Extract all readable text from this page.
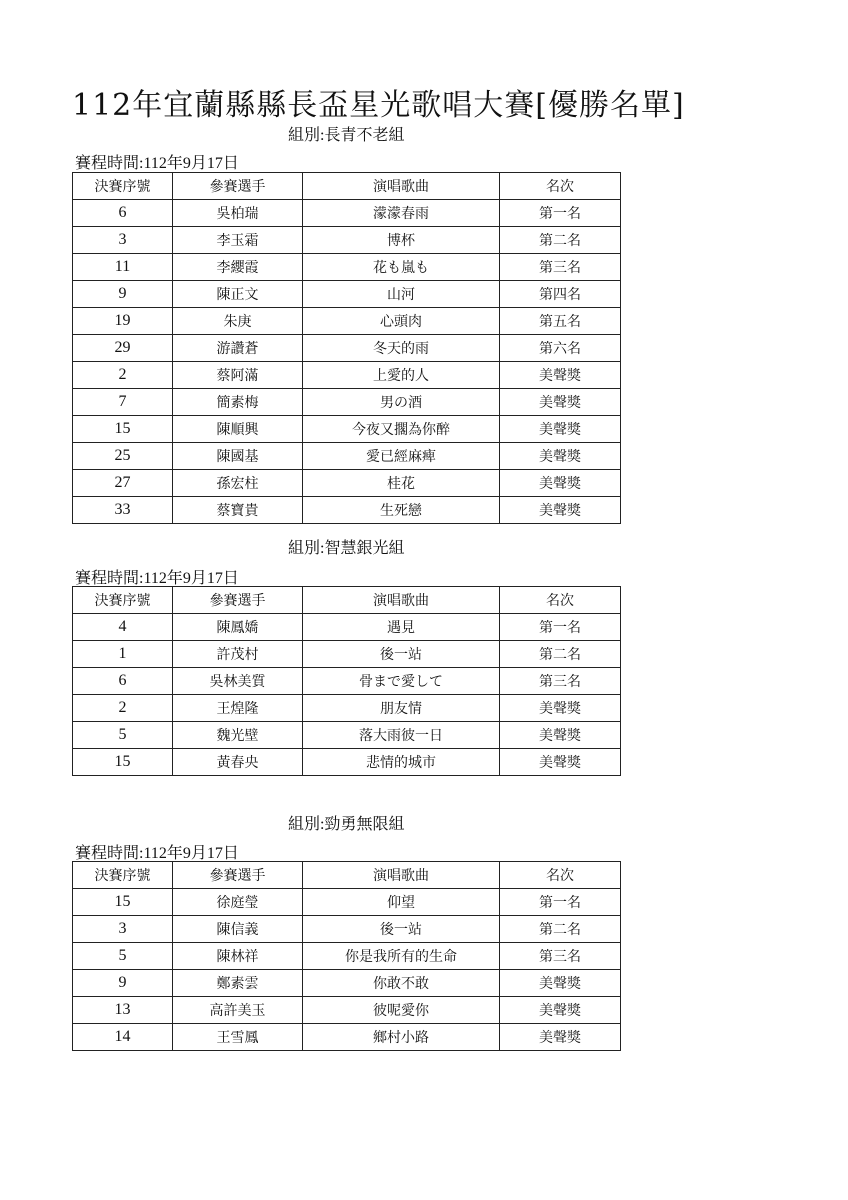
112年宜蘭縣縣長盃星光歌唱大賽[優勝名單]
組別:長青不老組
賽程時間:112年9月17日
決賽序號	參賽選手	演唱歌曲	名次
6	吳柏瑞	濛濛春雨	第一名
3	李玉霜	博杯	第二名
11	李纓霞	花も嵐も	第三名
9	陳正文	山河	第四名
19	朱庚	心頭肉	第五名
29	游讚蒼	冬天的雨	第六名
2	蔡阿滿	上愛的人	美聲獎
7	簡素梅	男の酒	美聲獎
15	陳順興	今夜又擱為你醉	美聲獎
25	陳國基	愛已經麻痺	美聲獎
27	孫宏柱	桂花	美聲獎
33	蔡寶貴	生死戀	美聲獎
組別:智慧銀光組
賽程時間:112年9月17日
決賽序號	參賽選手	演唱歌曲	名次
4	陳鳳嬌	遇見	第一名
1	許茂村	後一站	第二名
6	吳林美質	骨まで愛して	第三名
2	王煌隆	朋友情	美聲獎
5	魏光壁	落大雨彼一日	美聲獎
15	黃春央	悲情的城市	美聲獎
組別:勁勇無限組
賽程時間:112年9月17日
決賽序號	參賽選手	演唱歌曲	名次
15	徐庭瑩	仰望	第一名
3	陳信義	後一站	第二名
5	陳林祥	你是我所有的生命	第三名
9	鄭素雲	你敢不敢	美聲獎
13	高許美玉	彼呢愛你	美聲獎
14	王雪鳳	鄉村小路	美聲獎
